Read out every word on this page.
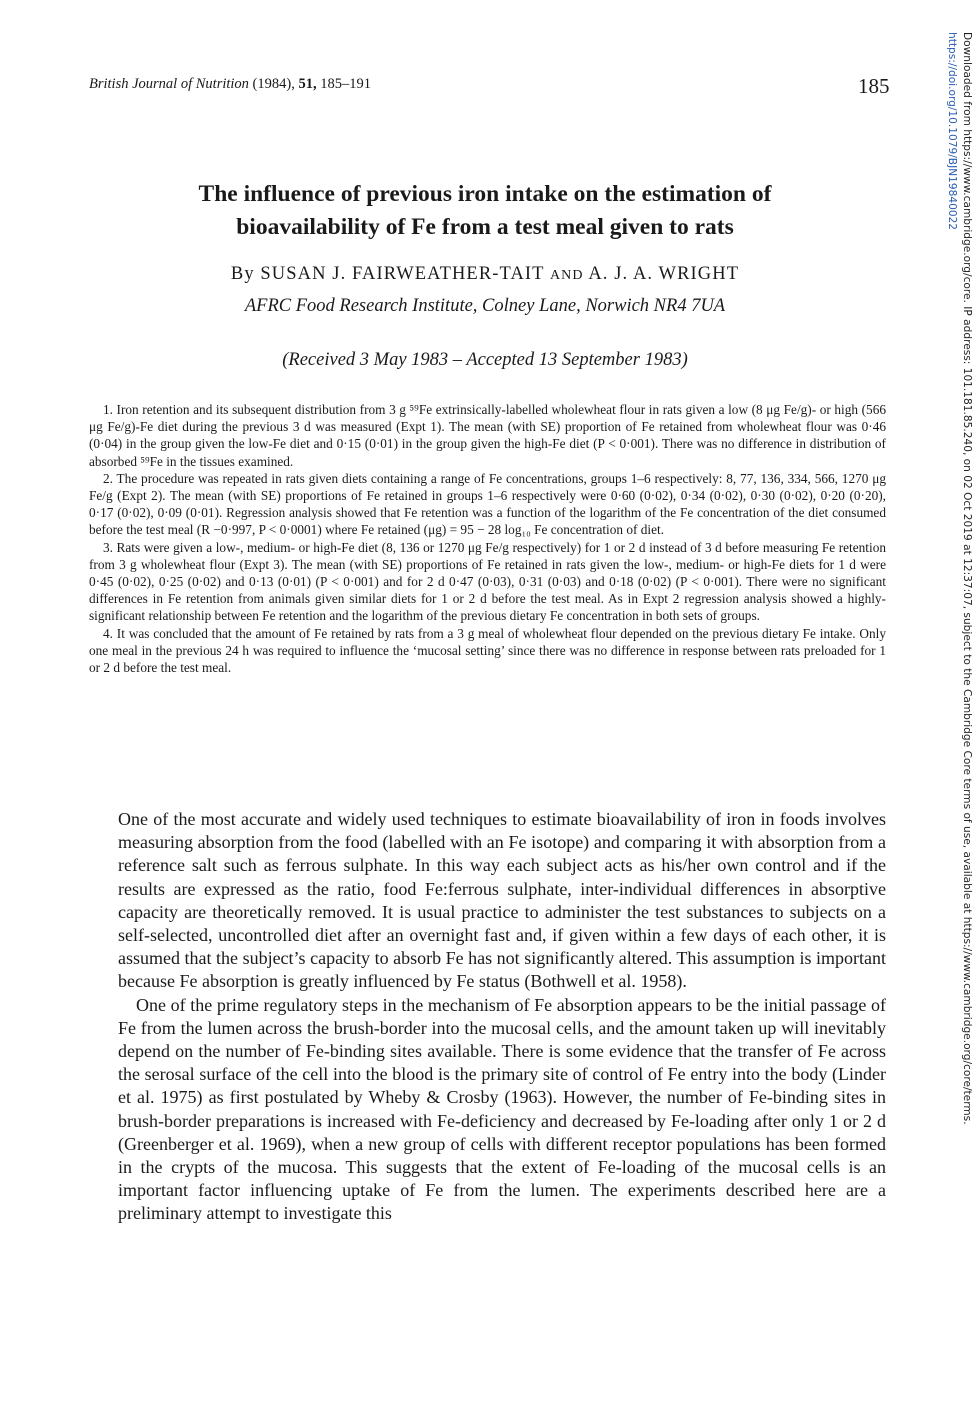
British Journal of Nutrition (1984), 51, 185–191	185	Downloaded from https://www.cambridge.org/core. IP address: 101.181.85.240, on 02 Oct 2019 at 12:37:07, subject to the Cambridge Core terms of use, available at https://www.cambridge.org/core/terms.
https://doi.org/10.1079/BJN19840022
The influence of previous iron intake on the estimation of
bioavailability of Fe from a test meal given to rats
By SUSAN J. FAIRWEATHER-TAIT AND A. J. A. WRIGHT
AFRC Food Research Institute, Colney Lane, Norwich NR4 7UA
(Received 3 May 1983 – Accepted 13 September 1983)

1. Iron retention and its subsequent distribution from 3 g ⁵⁹Fe extrinsically-labelled wholewheat flour in rats given a low (8 μg Fe/g)- or high (566 μg Fe/g)-Fe diet during the previous 3 d was measured (Expt 1). The mean (with SE) proportion of Fe retained from wholewheat flour was 0·46 (0·04) in the group given the low-Fe diet and 0·15 (0·01) in the group given the high-Fe diet (P < 0·001). There was no difference in distribution of absorbed ⁵⁹Fe in the tissues examined.

2. The procedure was repeated in rats given diets containing a range of Fe concentrations, groups 1–6 respectively: 8, 77, 136, 334, 566, 1270 μg Fe/g (Expt 2). The mean (with SE) proportions of Fe retained in groups 1–6 respectively were 0·60 (0·02), 0·34 (0·02), 0·30 (0·02), 0·20 (0·20), 0·17 (0·02), 0·09 (0·01). Regression analysis showed that Fe retention was a function of the logarithm of the Fe concentration of the diet consumed before the test meal (R −0·997, P < 0·0001) where Fe retained (μg) = 95 − 28 log₁₀ Fe concentration of diet.

3. Rats were given a low-, medium- or high-Fe diet (8, 136 or 1270 μg Fe/g respectively) for 1 or 2 d instead of 3 d before measuring Fe retention from 3 g wholewheat flour (Expt 3). The mean (with SE) proportions of Fe retained in rats given the low-, medium- or high-Fe diets for 1 d were 0·45 (0·02), 0·25 (0·02) and 0·13 (0·01) (P < 0·001) and for 2 d 0·47 (0·03), 0·31 (0·03) and 0·18 (0·02) (P < 0·001). There were no significant differences in Fe retention from animals given similar diets for 1 or 2 d before the test meal. As in Expt 2 regression analysis showed a highly-significant relationship between Fe retention and the logarithm of the previous dietary Fe concentration in both sets of groups.

4. It was concluded that the amount of Fe retained by rats from a 3 g meal of wholewheat flour depended on the previous dietary Fe intake. Only one meal in the previous 24 h was required to influence the ‘mucosal setting’ since there was no difference in response between rats preloaded for 1 or 2 d before the test meal.

One of the most accurate and widely used techniques to estimate bioavailability of iron in foods involves measuring absorption from the food (labelled with an Fe isotope) and comparing it with absorption from a reference salt such as ferrous sulphate. In this way each subject acts as his/her own control and if the results are expressed as the ratio, food Fe:ferrous sulphate, inter-individual differences in absorptive capacity are theoretically removed. It is usual practice to administer the test substances to subjects on a self-selected, uncontrolled diet after an overnight fast and, if given within a few days of each other, it is assumed that the subject’s capacity to absorb Fe has not significantly altered. This assumption is important because Fe absorption is greatly influenced by Fe status (Bothwell et al. 1958).

One of the prime regulatory steps in the mechanism of Fe absorption appears to be the initial passage of Fe from the lumen across the brush-border into the mucosal cells, and the amount taken up will inevitably depend on the number of Fe-binding sites available. There is some evidence that the transfer of Fe across the serosal surface of the cell into the blood is the primary site of control of Fe entry into the body (Linder et al. 1975) as first postulated by Wheby & Crosby (1963). However, the number of Fe-binding sites in brush-border preparations is increased with Fe-deficiency and decreased by Fe-loading after only 1 or 2 d (Greenberger et al. 1969), when a new group of cells with different receptor populations has been formed in the crypts of the mucosa. This suggests that the extent of Fe-loading of the mucosal cells is an important factor influencing uptake of Fe from the lumen. The experiments described here are a preliminary attempt to investigate this
